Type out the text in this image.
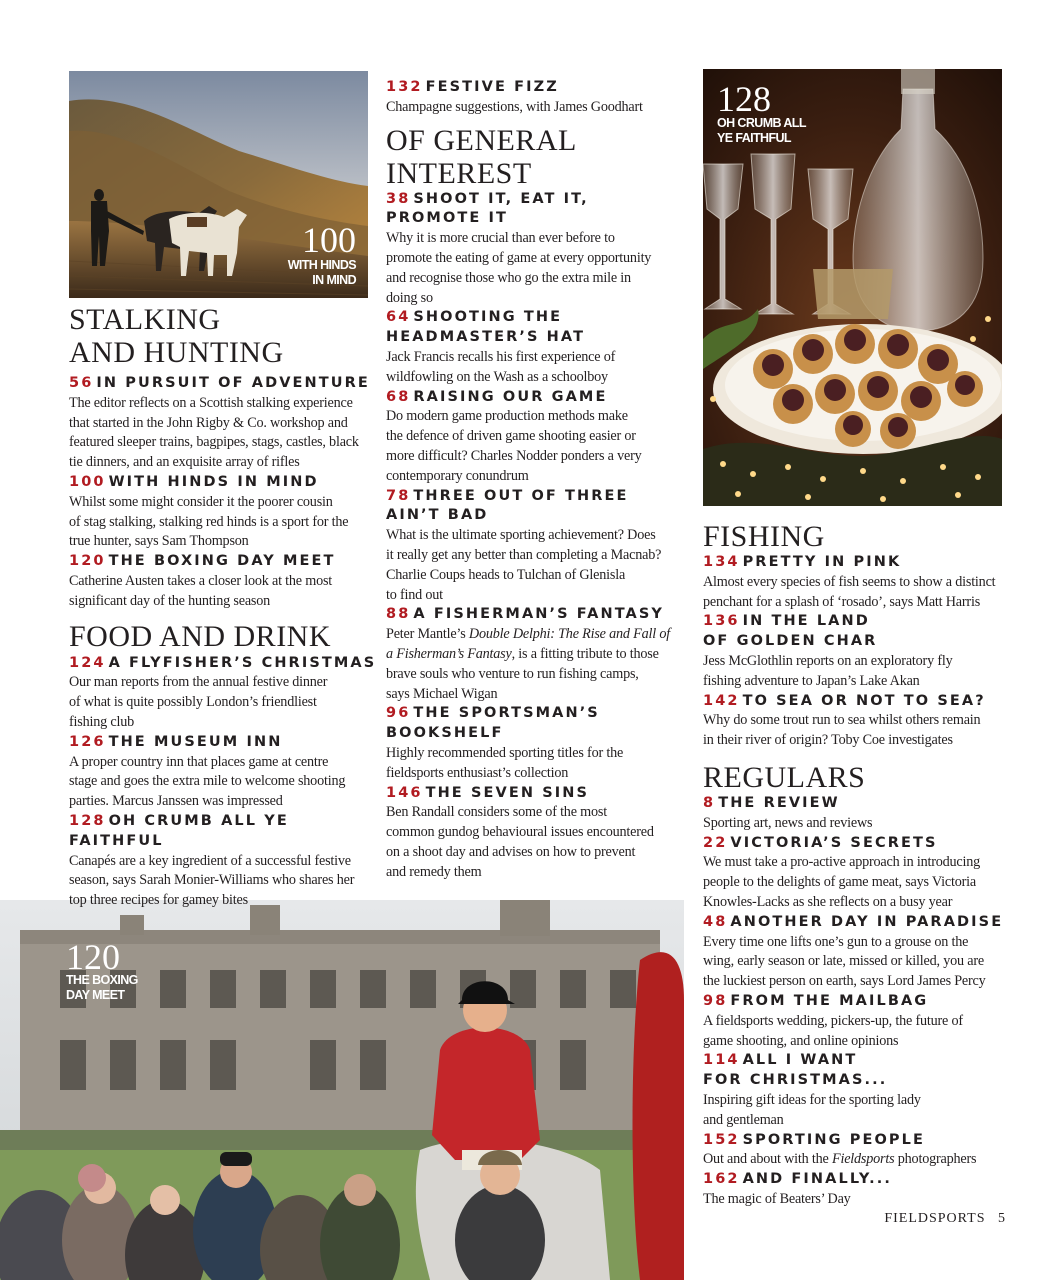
100
WITH HINDS
IN MIND
128
OH CRUMB ALL
YE FAITHFUL
120
THE BOXING
DAY MEET
STALKING
AND HUNTING
56 IN PURSUIT OF ADVENTURE
The editor reflects on a Scottish stalking experience
that started in the John Rigby & Co. workshop and
featured sleeper trains, bagpipes, stags, castles, black
tie dinners, and an exquisite array of rifles
100 WITH HINDS IN MIND
Whilst some might consider it the poorer cousin
of stag stalking, stalking red hinds is a sport for the
true hunter, says Sam Thompson
120 THE BOXING DAY MEET
Catherine Austen takes a closer look at the most
significant day of the hunting season
FOOD AND DRINK
124 A FLYFISHER’S CHRISTMAS
Our man reports from the annual festive dinner
of what is quite possibly London’s friendliest
fishing club
126 THE MUSEUM INN
A proper country inn that places game at centre
stage and goes the extra mile to welcome shooting
parties. Marcus Janssen was impressed
128 OH CRUMB ALL YE FAITHFUL
Canapés are a key ingredient of a successful festive
season, says Sarah Monier-Williams who shares her
top three recipes for gamey bites
132 FESTIVE FIZZ
Champagne suggestions, with James Goodhart
OF GENERAL
INTEREST
38 SHOOT IT, EAT IT,
PROMOTE IT
Why it is more crucial than ever before to
promote the eating of game at every opportunity
and recognise those who go the extra mile in
doing so
64 SHOOTING THE
HEADMASTER’S HAT
Jack Francis recalls his first experience of
wildfowling on the Wash as a schoolboy
68 RAISING OUR GAME
Do modern game production methods make
the defence of driven game shooting easier or
more difficult? Charles Nodder ponders a very
contemporary conundrum
78 THREE OUT OF THREE
AIN’T BAD
What is the ultimate sporting achievement? Does
it really get any better than completing a Macnab?
Charlie Coups heads to Tulchan of Glenisla
to find out
88 A FISHERMAN’S FANTASY
Peter Mantle’s Double Delphi: The Rise and Fall of
a Fisherman’s Fantasy, is a fitting tribute to those
brave souls who venture to run fishing camps,
says Michael Wigan
96 THE SPORTSMAN’S
BOOKSHELF
Highly recommended sporting titles for the
fieldsports enthusiast’s collection
146 THE SEVEN SINS
Ben Randall considers some of the most
common gundog behavioural issues encountered
on a shoot day and advises on how to prevent
and remedy them
FISHING
134 PRETTY IN PINK
Almost every species of fish seems to show a distinct
penchant for a splash of ‘rosado’, says Matt Harris
136 IN THE LAND
OF GOLDEN CHAR
Jess McGlothlin reports on an exploratory fly
fishing adventure to Japan’s Lake Akan
142 TO SEA OR NOT TO SEA?
Why do some trout run to sea whilst others remain
in their river of origin? Toby Coe investigates
REGULARS
8 THE REVIEW
Sporting art, news and reviews
22 VICTORIA’S SECRETS
We must take a pro-active approach in introducing
people to the delights of game meat, says Victoria
Knowles-Lacks as she reflects on a busy year
48 ANOTHER DAY IN PARADISE
Every time one lifts one’s gun to a grouse on the
wing, early season or late, missed or killed, you are
the luckiest person on earth, says Lord James Percy
98 FROM THE MAILBAG
A fieldsports wedding, pickers-up, the future of
game shooting, and online opinions
114 ALL I WANT
FOR CHRISTMAS...
Inspiring gift ideas for the sporting lady
and gentleman
152 SPORTING PEOPLE
Out and about with the Fieldsports photographers
162 AND FINALLY...
The magic of Beaters’ Day
FIELDSPORTS 5
